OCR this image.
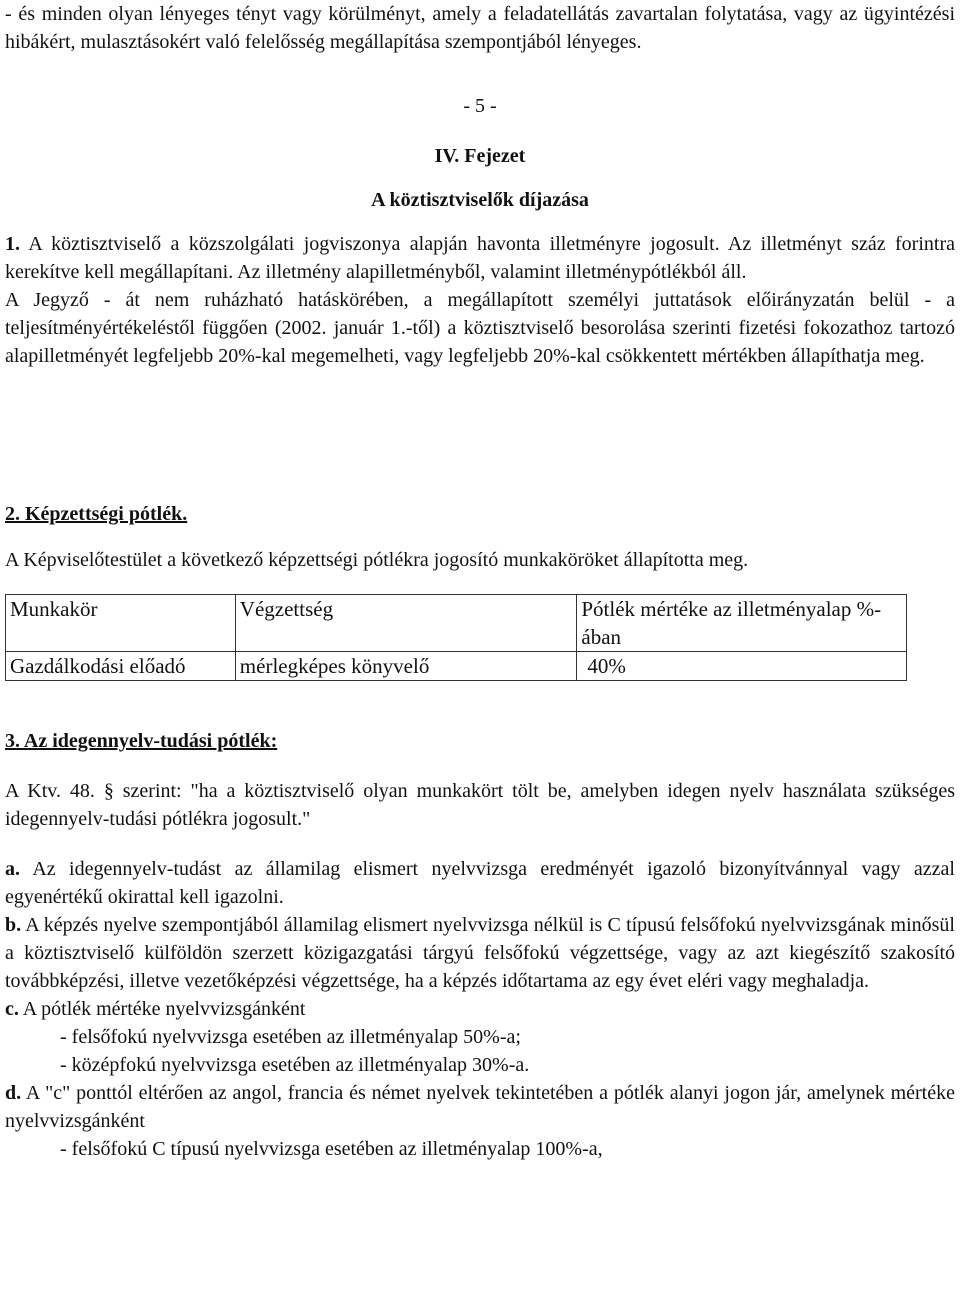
- és minden olyan lényeges tényt vagy körülményt, amely a feladatellátás zavartalan folytatása, vagy az ügyintézési hibákért, mulasztásokért való felelősség megállapítása szempontjából lényeges.

- 5 -

IV. Fejezet

A köztisztviselők díjazása

1. A köztisztviselő a közszolgálati jogviszonya alapján havonta illetményre jogosult. Az illetményt száz forintra kerekítve kell megállapítani. Az illetmény alapilletményből, valamint illetménypótlékból áll.

A Jegyző - át nem ruházható hatáskörében, a megállapított személyi juttatások előirányzatán belül - a teljesítményértékeléstől függően (2002. január 1.-től) a köztisztviselő besorolása szerinti fizetési fokozathoz tartozó alapilletményét legfeljebb 20%-kal megemelheti, vagy legfeljebb 20%-kal csökkentett mértékben állapíthatja meg.

2. Képzettségi pótlék.

A Képviselőtestület a következő képzettségi pótlékra jogosító munkaköröket állapította meg.

Munkakör	Végzettség	Pótlék mértéke az illetményalap %-ában
Gazdálkodási előadó	mérlegképes könyvelő	40%

3. Az idegennyelv-tudási pótlék:

A Ktv. 48. § szerint: "ha a köztisztviselő olyan munkakört tölt be, amelyben idegen nyelv használata szükséges idegennyelv-tudási pótlékra jogosult."

a. Az idegennyelv-tudást az államilag elismert nyelvvizsga eredményét igazoló bizonyítvánnyal vagy azzal egyenértékű okirattal kell igazolni.

b. A képzés nyelve szempontjából államilag elismert nyelvvizsga nélkül is C típusú felsőfokú nyelvvizsgának minősül a köztisztviselő külföldön szerzett közigazgatási tárgyú felsőfokú végzettsége, vagy az azt kiegészítő szakosító továbbképzési, illetve vezetőképzési végzettsége, ha a képzés időtartama az egy évet eléri vagy meghaladja.

c. A pótlék mértéke nyelvvizsgánként

- felsőfokú nyelvvizsga esetében az illetményalap 50%-a;

- középfokú nyelvvizsga esetében az illetményalap 30%-a.

d. A "c" ponttól eltérően az angol, francia és német nyelvek tekintetében a pótlék alanyi jogon jár, amelynek mértéke nyelvvizsgánként

- felsőfokú C típusú nyelvvizsga esetében az illetményalap 100%-a,
